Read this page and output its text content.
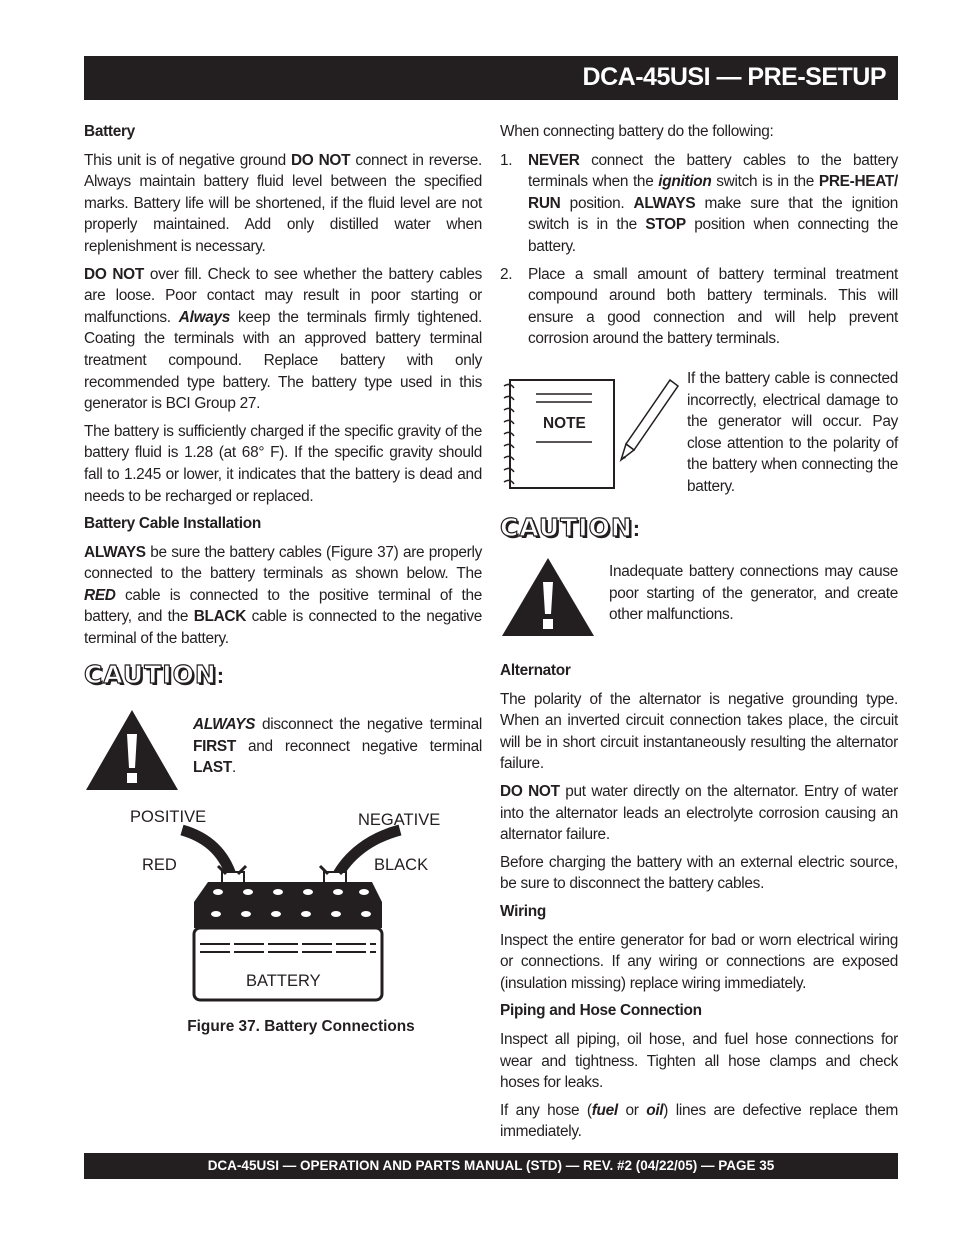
DCA-45USI — PRE-SETUP
Battery

This unit is of negative ground DO NOT connect in reverse. Always maintain battery fluid level between the specified marks. Battery life will be shortened, if the fluid level are not properly maintained. Add only distilled water when replenishment is necessary.

DO NOT over fill. Check to see whether the battery cables are loose. Poor contact may result in poor starting or malfunctions. Always keep the terminals firmly tightened. Coating the terminals with an approved battery terminal treatment compound. Replace battery with only recommended type battery. The battery type used in this generator is BCI Group 27.

The battery is sufficiently charged if the specific gravity of the battery fluid is 1.28 (at 68° F). If the specific gravity should fall to 1.245 or lower, it indicates that the battery is dead and needs to be recharged or replaced.

Battery Cable Installation

ALWAYS be sure the battery cables (Figure 37) are properly connected to the battery terminals as shown below. The RED cable is connected to the positive terminal of the battery, and the BLACK cable is connected to the negative terminal of the battery.

CAUTION:

ALWAYS disconnect the negative terminal FIRST and reconnect negative terminal LAST.

POSITIVE	NEGATIVE
RED	BLACK
BATTERY
Figure 37. Battery Connections

When connecting battery do the following:

1. NEVER connect the battery cables to the battery terminals when the ignition switch is in the PRE-HEAT/ RUN position. ALWAYS make sure that the ignition switch is in the STOP position when connecting the battery.
2. Place a small amount of battery terminal treatment compound around both battery terminals. This will ensure a good connection and will help prevent corrosion around the battery terminals.
NOTE

If the battery cable is connected incorrectly, electrical damage to the generator will occur. Pay close attention to the polarity of the battery when connecting the battery.

CAUTION:

Inadequate battery connections may cause poor starting of the generator, and create other malfunctions.

Alternator

The polarity of the alternator is negative grounding type. When an inverted circuit connection takes place, the circuit will be in short circuit instantaneously resulting the alternator failure.

DO NOT put water directly on the alternator. Entry of water into the alternator leads an electrolyte corrosion causing an alternator failure.

Before charging the battery with an external electric source, be sure to disconnect the battery cables.

Wiring

Inspect the entire generator for bad or worn electrical wiring or connections. If any wiring or connections are exposed (insulation missing) replace wiring immediately.

Piping and Hose Connection

Inspect all piping, oil hose, and fuel hose connections for wear and tightness. Tighten all hose clamps and check hoses for leaks.

If any hose (fuel or oil) lines are defective replace them immediately.

DCA-45USI — OPERATION AND PARTS MANUAL (STD) — REV. #2 (04/22/05) — PAGE 35
